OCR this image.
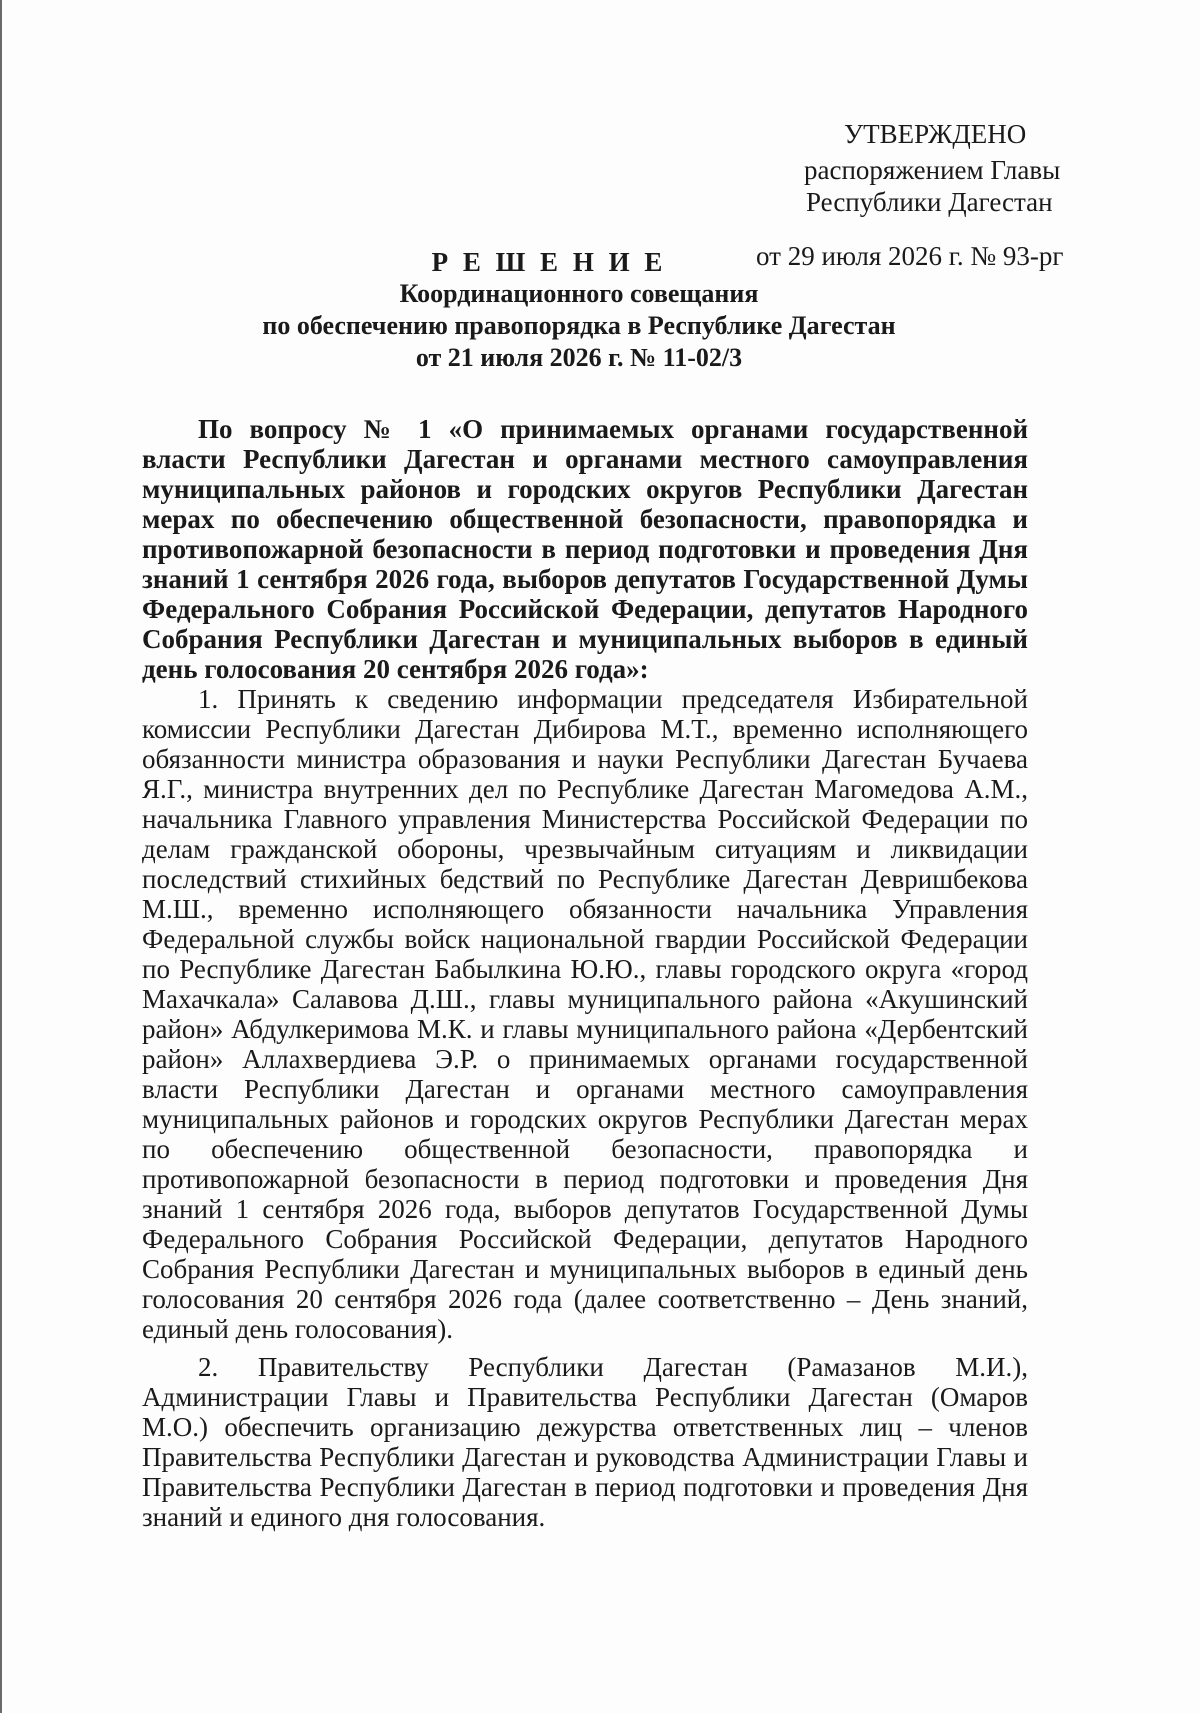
УТВЕРЖДЕНО
распоряжением Главы
Республики Дагестан
от 29 июля 2026 г. № 93-рг
Р Е Ш Е Н И Е
Координационного совещания
по обеспечению правопорядка в Республике Дагестан
от 21 июля 2026 г. № 11-02/3

По вопросу № 1 «О принимаемых органами государственной власти Республики Дагестан и органами местного самоуправления муниципальных районов и городских округов Республики Дагестан мерах по обеспечению общественной безопасности, правопорядка и противопожарной безопасности в период подготовки и проведения Дня знаний 1 сентября 2026 года, выборов депутатов Государственной Думы Федерального Собрания Российской Федерации, депутатов Народного Собрания Республики Дагестан и муниципальных выборов в единый день голосования 20 сентября 2026 года»:

1. Принять к сведению информации председателя Избирательной комиссии Республики Дагестан Дибирова М.Т., временно исполняющего обязанности министра образования и науки Республики Дагестан Бучаева Я.Г., министра внутренних дел по Республике Дагестан Магомедова А.М., начальника Главного управления Министерства Российской Федерации по делам гражданской обороны, чрезвычайным ситуациям и ликвидации последствий стихийных бедствий по Республике Дагестан Девришбекова М.Ш., временно исполняющего обязанности начальника Управления Федеральной службы войск национальной гвардии Российской Федерации по Республике Дагестан Бабылкина Ю.Ю., главы городского округа «город Махачкала» Салавова Д.Ш., главы муниципального района «Акушинский район» Абдулкеримова М.К. и главы муниципального района «Дербентский район» Аллахвердиева Э.Р. о принимаемых органами государственной власти Республики Дагестан и органами местного самоуправления муниципальных районов и городских округов Республики Дагестан мерах по обеспечению общественной безопасности, правопорядка и противопожарной безопасности в период подготовки и проведения Дня знаний 1 сентября 2026 года, выборов депутатов Государственной Думы Федерального Собрания Российской Федерации, депутатов Народного Собрания Республики Дагестан и муниципальных выборов в единый день голосования 20 сентября 2026 года (далее соответственно – День знаний, единый день голосования).

2. Правительству Республики Дагестан (Рамазанов М.И.), Администрации Главы и Правительства Республики Дагестан (Омаров М.О.) обеспечить организацию дежурства ответственных лиц – членов Правительства Республики Дагестан и руководства Администрации Главы и Правительства Республики Дагестан в период подготовки и проведения Дня знаний и единого дня голосования.
